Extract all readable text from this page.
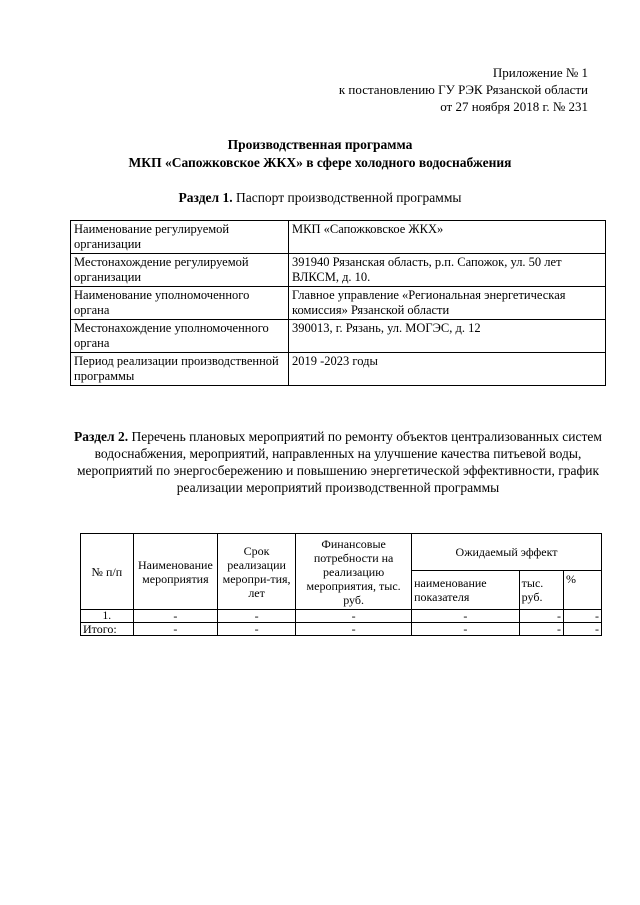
Приложение № 1
к постановлению ГУ РЭК Рязанской области
от 27 ноября 2018 г. № 231
Производственная программа
МКП «Сапожковское ЖКХ» в сфере холодного водоснабжения
Раздел 1. Паспорт производственной программы
Наименование регулируемой организации	МКП «Сапожковское ЖКХ»
Местонахождение регулируемой организации	391940 Рязанская область, р.п. Сапожок, ул. 50 лет ВЛКСМ, д. 10.
Наименование уполномоченного органа	Главное управление «Региональная энергетическая комиссия» Рязанской области
Местонахождение уполномоченного органа	390013, г. Рязань, ул. МОГЭС, д. 12
Период реализации производственной программы	2019 -2023 годы
Раздел 2. Перечень плановых мероприятий по ремонту объектов централизованных систем водоснабжения, мероприятий, направленных на улучшение качества питьевой воды, мероприятий по энергосбережению и повышению энергетической эффективности, график реализации мероприятий производственной программы
№ п/п	Наименование мероприятия	Срок реализации меропри-тия, лет	Финансовые потребности на реализацию мероприятия, тыс. руб.	Ожидаемый эффект		
				наименование показателя	тыс. руб.	%
1.	-	-	-	-	-	-
Итого:	-	-	-	-	-	-
